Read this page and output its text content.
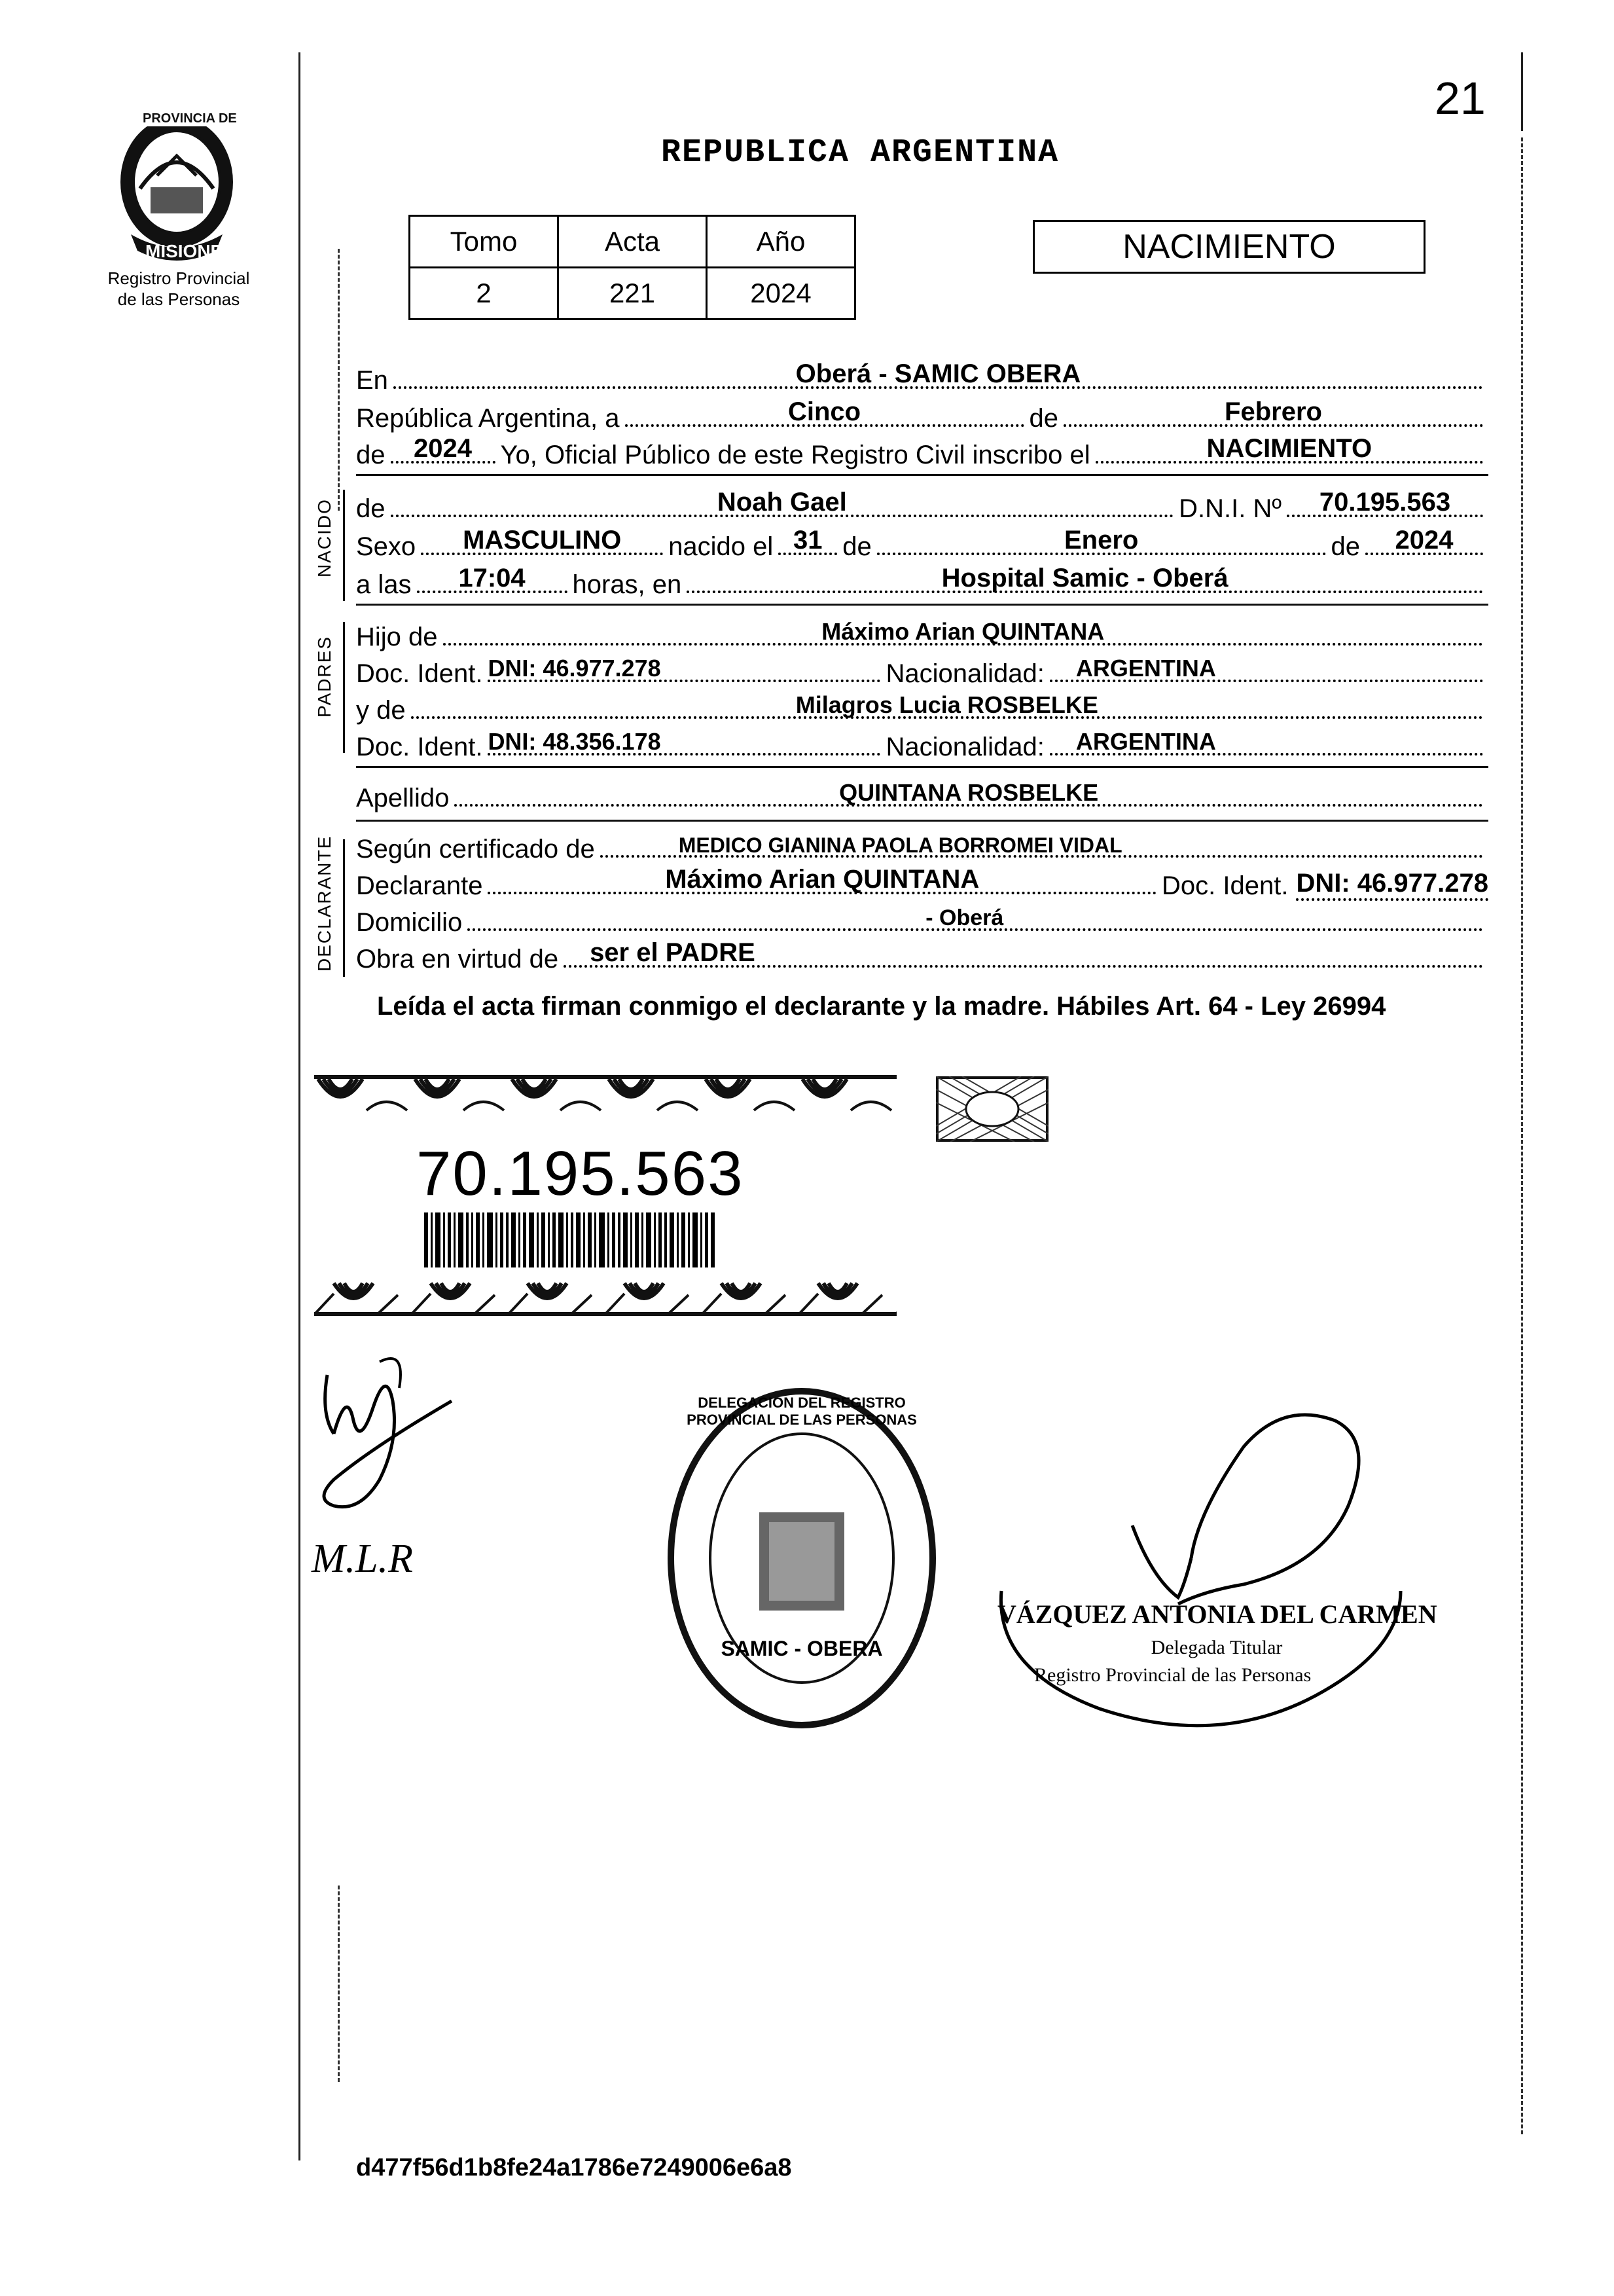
21
PROVINCIA DE
MISIONES
Registro Provincial
de las Personas
REPUBLICA ARGENTINA
Tomo	Acta	Año
2	221	2024
NACIMIENTO
En	Oberá - SAMIC OBERA
República Argentina, a	Cinco	de	Febrero
de	2024	Yo, Oficial Público de este Registro Civil inscribo el	NACIMIENTO
NACIDO de	Noah Gael	D.N.I. Nº	70.195.563
Sexo	MASCULINO	nacido el 31 de	Enero	de	2024
a las	17:04	horas, en	Hospital Samic - Oberá
PADRES Hijo de	Máximo Arian QUINTANA
Doc. Ident. DNI: 46.977.278	Nacionalidad:	ARGENTINA
y de	Milagros Lucia ROSBELKE
Doc. Ident. DNI: 48.356.178	Nacionalidad:	ARGENTINA
Apellido	QUINTANA ROSBELKE
DECLARANTE Según certificado de	MEDICO GIANINA PAOLA BORROMEI VIDAL
Declarante	Máximo Arian QUINTANA	Doc. Ident. DNI: 46.977.278
Domicilio	- Oberá
Obra en virtud de	ser el PADRE
Leída el acta firman conmigo el declarante y la madre. Hábiles Art. 64 - Ley 26994
70.195.563
M.L.R
DELEGACION DEL REGISTRO PROVINCIAL DE LAS PERSONAS
SAMIC - OBERA
VÁZQUEZ ANTONIA DEL CARMEN
Delegada Titular
Registro Provincial de las Personas
d477f56d1b8fe24a1786e7249006e6a8
